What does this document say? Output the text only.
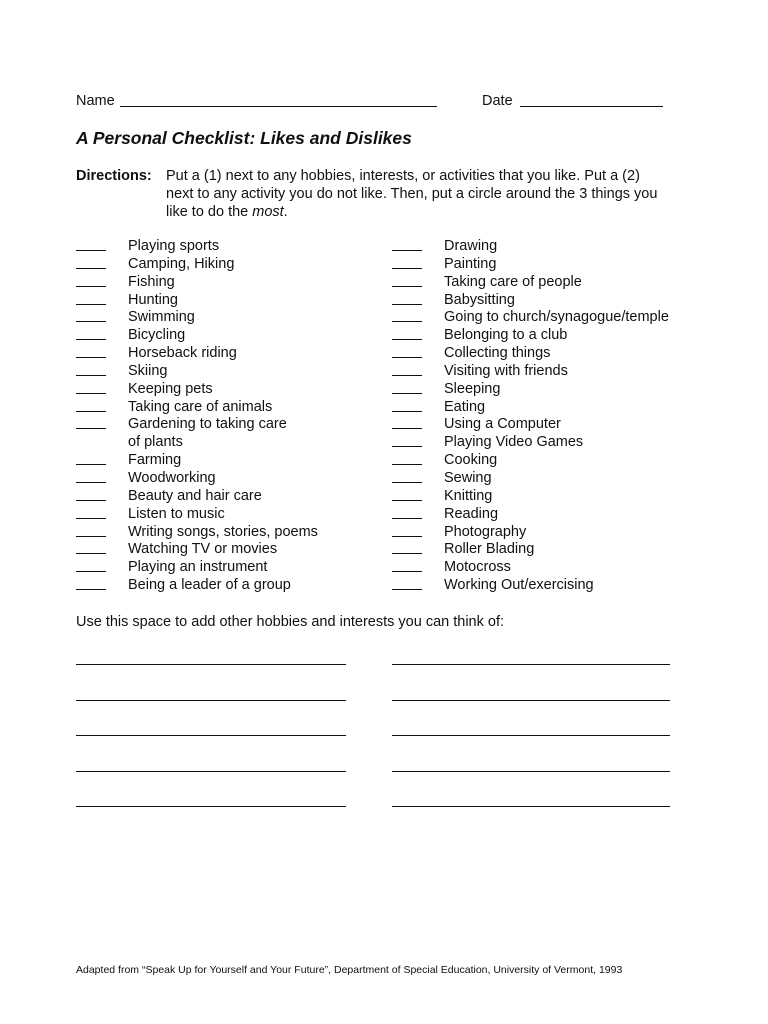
Name	Date
A Personal Checklist: Likes and Dislikes
Directions: Put a (1) next to any hobbies, interests, or activities that you like. Put a (2)
next to any activity you do not like. Then, put a circle around the 3 things you
like to do the most.
Playing sports
Camping, Hiking
Fishing
Hunting
Swimming
Bicycling
Horseback riding
Skiing
Keeping pets
Taking care of animals
Gardening to taking care
of plants
Farming
Woodworking
Beauty and hair care
Listen to music
Writing songs, stories, poems
Watching TV or movies
Playing an instrument
Being a leader of a group
Drawing
Painting
Taking care of people
Babysitting
Going to church/synagogue/temple
Belonging to a club
Collecting things
Visiting with friends
Sleeping
Eating
Using a Computer
Playing Video Games
Cooking
Sewing
Knitting
Reading
Photography
Roller Blading
Motocross
Working Out/exercising
Use this space to add other hobbies and interests you can think of:
Adapted from “Speak Up for Yourself and Your Future”, Department of Special Education, University of Vermont, 1993
